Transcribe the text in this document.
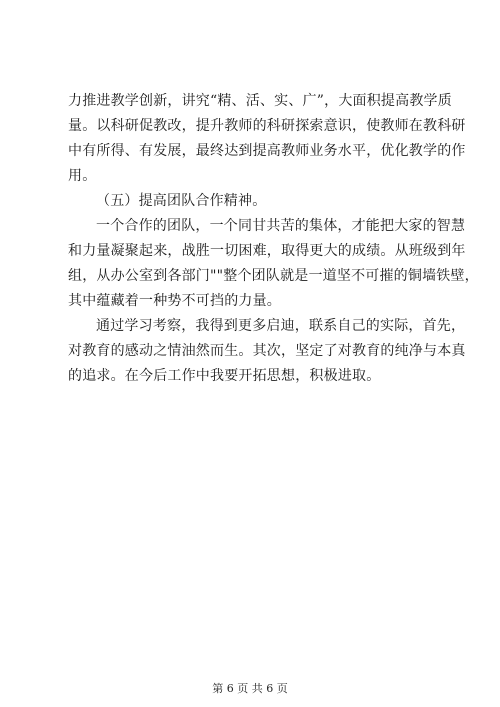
力推进教学创新，讲究“精、活、实、广”，大面积提高教学质
量。以科研促教改，提升教师的科研探索意识，使教师在教科研
中有所得、有发展，最终达到提高教师业务水平，优化教学的作
用。
（五）提高团队合作精神。
一个合作的团队，一个同甘共苦的集体，才能把大家的智慧
和力量凝聚起来，战胜一切困难，取得更大的成绩。从班级到年
组，从办公室到各部门""整个团队就是一道坚不可摧的铜墙铁壁，
其中蕴藏着一种势不可挡的力量。
通过学习考察，我得到更多启迪，联系自己的实际，首先，
对教育的感动之情油然而生。其次，坚定了对教育的纯净与本真
的追求。在今后工作中我要开拓思想，积极进取。
第 6 页 共 6 页
